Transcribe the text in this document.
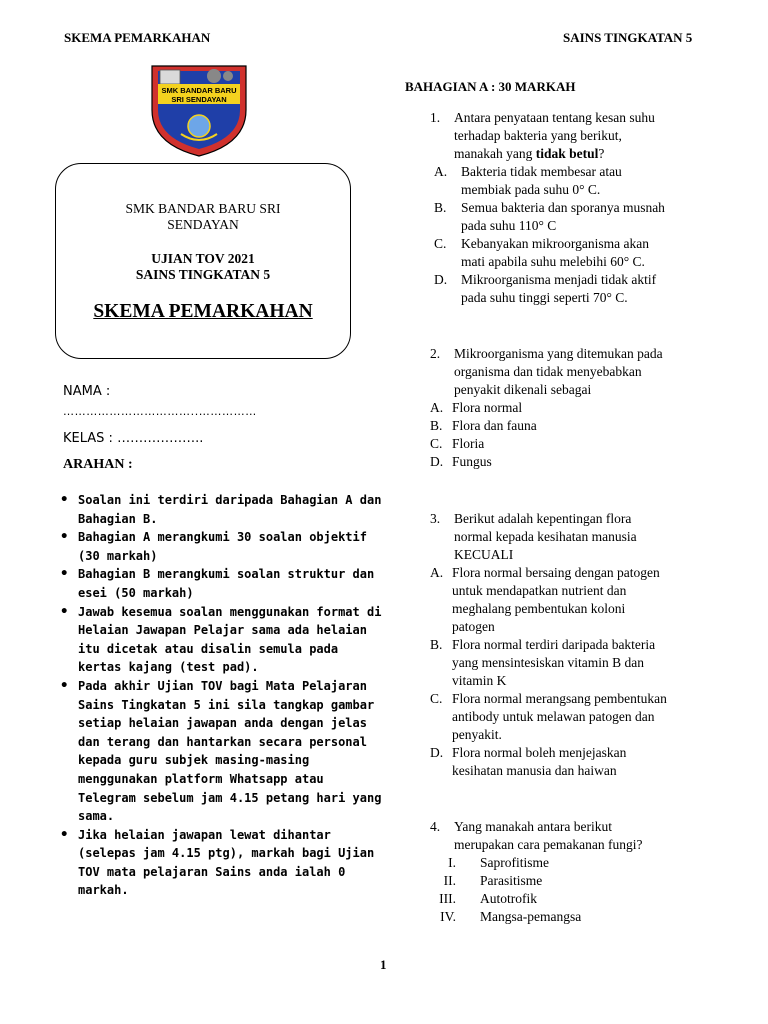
SKEMA PEMARKAHAN	SAINS TINGKATAN 5
SMK BANDAR BARU
SRI SENDAYAN
SMK BANDAR BARU SRI
SENDAYAN
UJIAN TOV 2021
SAINS TINGKATAN 5
SKEMA PEMARKAHAN
NAMA :
……………………………..……………
KELAS : ………………..
ARAHAN :
• Soalan ini terdiri daripada Bahagian A dan Bahagian B.
• Bahagian A merangkumi 30 soalan objektif (30 markah)
• Bahagian B merangkumi soalan struktur dan esei (50 markah)
• Jawab kesemua soalan menggunakan format di Helaian Jawapan Pelajar sama ada helaian itu dicetak atau disalin semula pada kertas kajang (test pad).
• Pada akhir Ujian TOV bagi Mata Pelajaran Sains Tingkatan 5 ini sila tangkap gambar setiap helaian jawapan anda dengan jelas dan terang dan hantarkan secara personal kepada guru subjek masing-masing menggunakan platform Whatsapp atau Telegram sebelum jam 4.15 petang hari yang sama.
• Jika helaian jawapan lewat dihantar (selepas jam 4.15 ptg), markah bagi Ujian TOV mata pelajaran Sains anda ialah 0 markah.
BAHAGIAN A : 30 MARKAH
1. Antara penyataan tentang kesan suhu
terhadap bakteria yang berikut,
manakah yang tidak betul?
A. Bakteria tidak membesar atau
membiak pada suhu 0° C.
B. Semua bakteria dan sporanya musnah
pada suhu 110° C
C. Kebanyakan mikroorganisma akan
mati apabila suhu melebihi 60° C.
D. Mikroorganisma menjadi tidak aktif
pada suhu tinggi seperti 70° C.
2. Mikroorganisma yang ditemukan pada
organisma dan tidak menyebabkan
penyakit dikenali sebagai
A. Flora normal
B. Flora dan fauna
C. Floria
D. Fungus
3. Berikut adalah kepentingan flora
normal kepada kesihatan manusia
KECUALI
A. Flora normal bersaing dengan patogen
untuk mendapatkan nutrient dan
meghalang pembentukan koloni
patogen
B. Flora normal terdiri daripada bakteria
yang mensintesiskan vitamin B dan
vitamin K
C. Flora normal merangsang pembentukan
antibody untuk melawan patogen dan
penyakit.
D. Flora normal boleh menjejaskan
kesihatan manusia dan haiwan
4. Yang manakah antara berikut
merupakan cara pemakanan fungi?
I. Saprofitisme
II. Parasitisme
III. Autotrofik
IV. Mangsa-pemangsa
1
